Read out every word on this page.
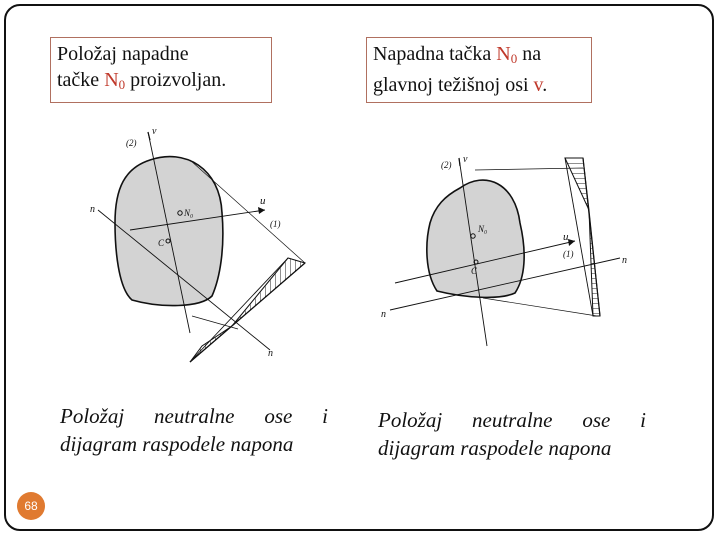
Položaj napadne
tačke $N_0$ proizvoljan.
Napadna tačka $N_0$ na
glavnoj težišnoj osi v.
(2)
v
u
(1)
n
n
N₀
C
(2) v
u
(1)
n
n
N₀
C
Položaj neutralne ose i
dijagram raspodele napona
Položaj neutralne ose i
dijagram raspodele napona
68
